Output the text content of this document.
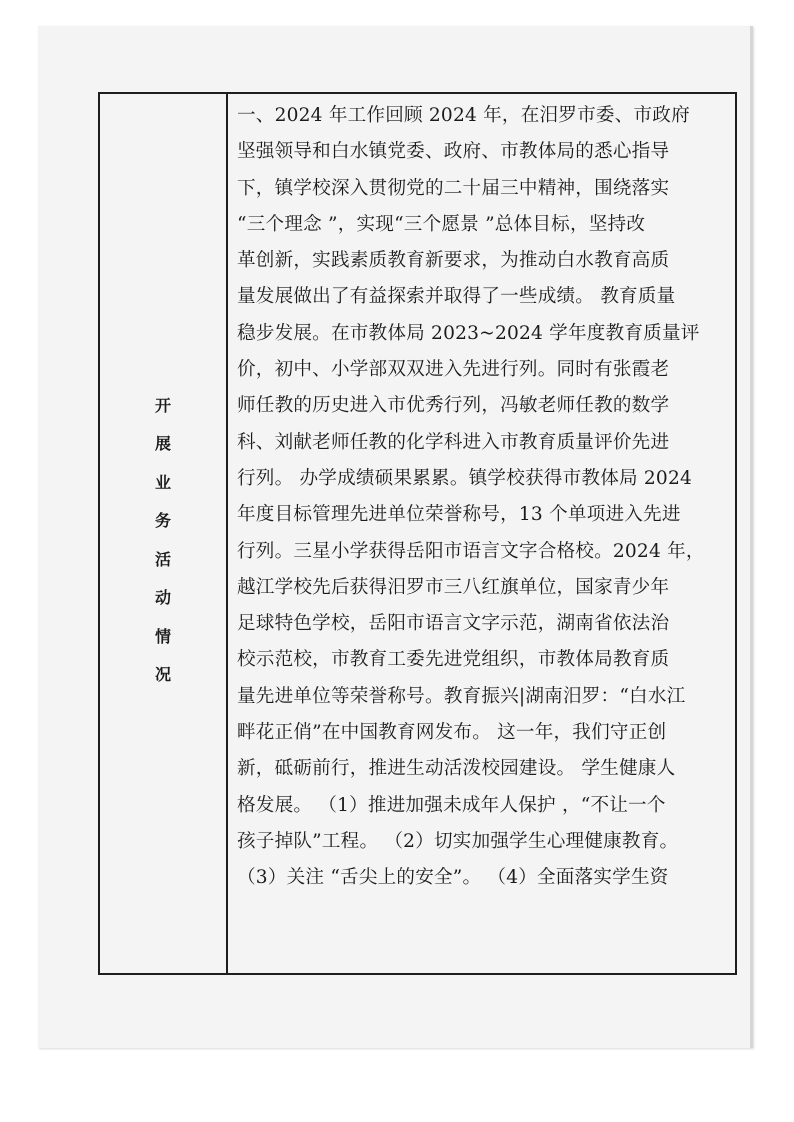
开
展
业
务
活
动
情
况
一、2024 年工作回顾 2024 年，在汨罗市委、市政府
坚强领导和白水镇党委、政府、市教体局的悉心指导
下，镇学校深入贯彻党的二十届三中精神，围绕落实
“三个理念 ”，实现“三个愿景 ”总体目标，坚持改
革创新，实践素质教育新要求，为推动白水教育高质
量发展做出了有益探索并取得了一些成绩。 教育质量
稳步发展。在市教体局 2023~2024 学年度教育质量评
价，初中、小学部双双进入先进行列。同时有张霞老
师任教的历史进入市优秀行列，冯敏老师任教的数学
科、刘献老师任教的化学科进入市教育质量评价先进
行列。 办学成绩硕果累累。镇学校获得市教体局 2024
年度目标管理先进单位荣誉称号，13 个单项进入先进
行列。三星小学获得岳阳市语言文字合格校。2024 年，
越江学校先后获得汨罗市三八红旗单位，国家青少年
足球特色学校，岳阳市语言文字示范，湖南省依法治
校示范校，市教育工委先进党组织，市教体局教育质
量先进单位等荣誉称号。教育振兴|湖南汨罗：“白水江
畔花正俏”在中国教育网发布。 这一年，我们守正创
新，砥砺前行，推进生动活泼校园建设。 学生健康人
格发展。 （1）推进加强未成年人保护 ，“不让一个
孩子掉队”工程。 （2）切实加强学生心理健康教育。
（3）关注 “舌尖上的安全”。 （4）全面落实学生资
